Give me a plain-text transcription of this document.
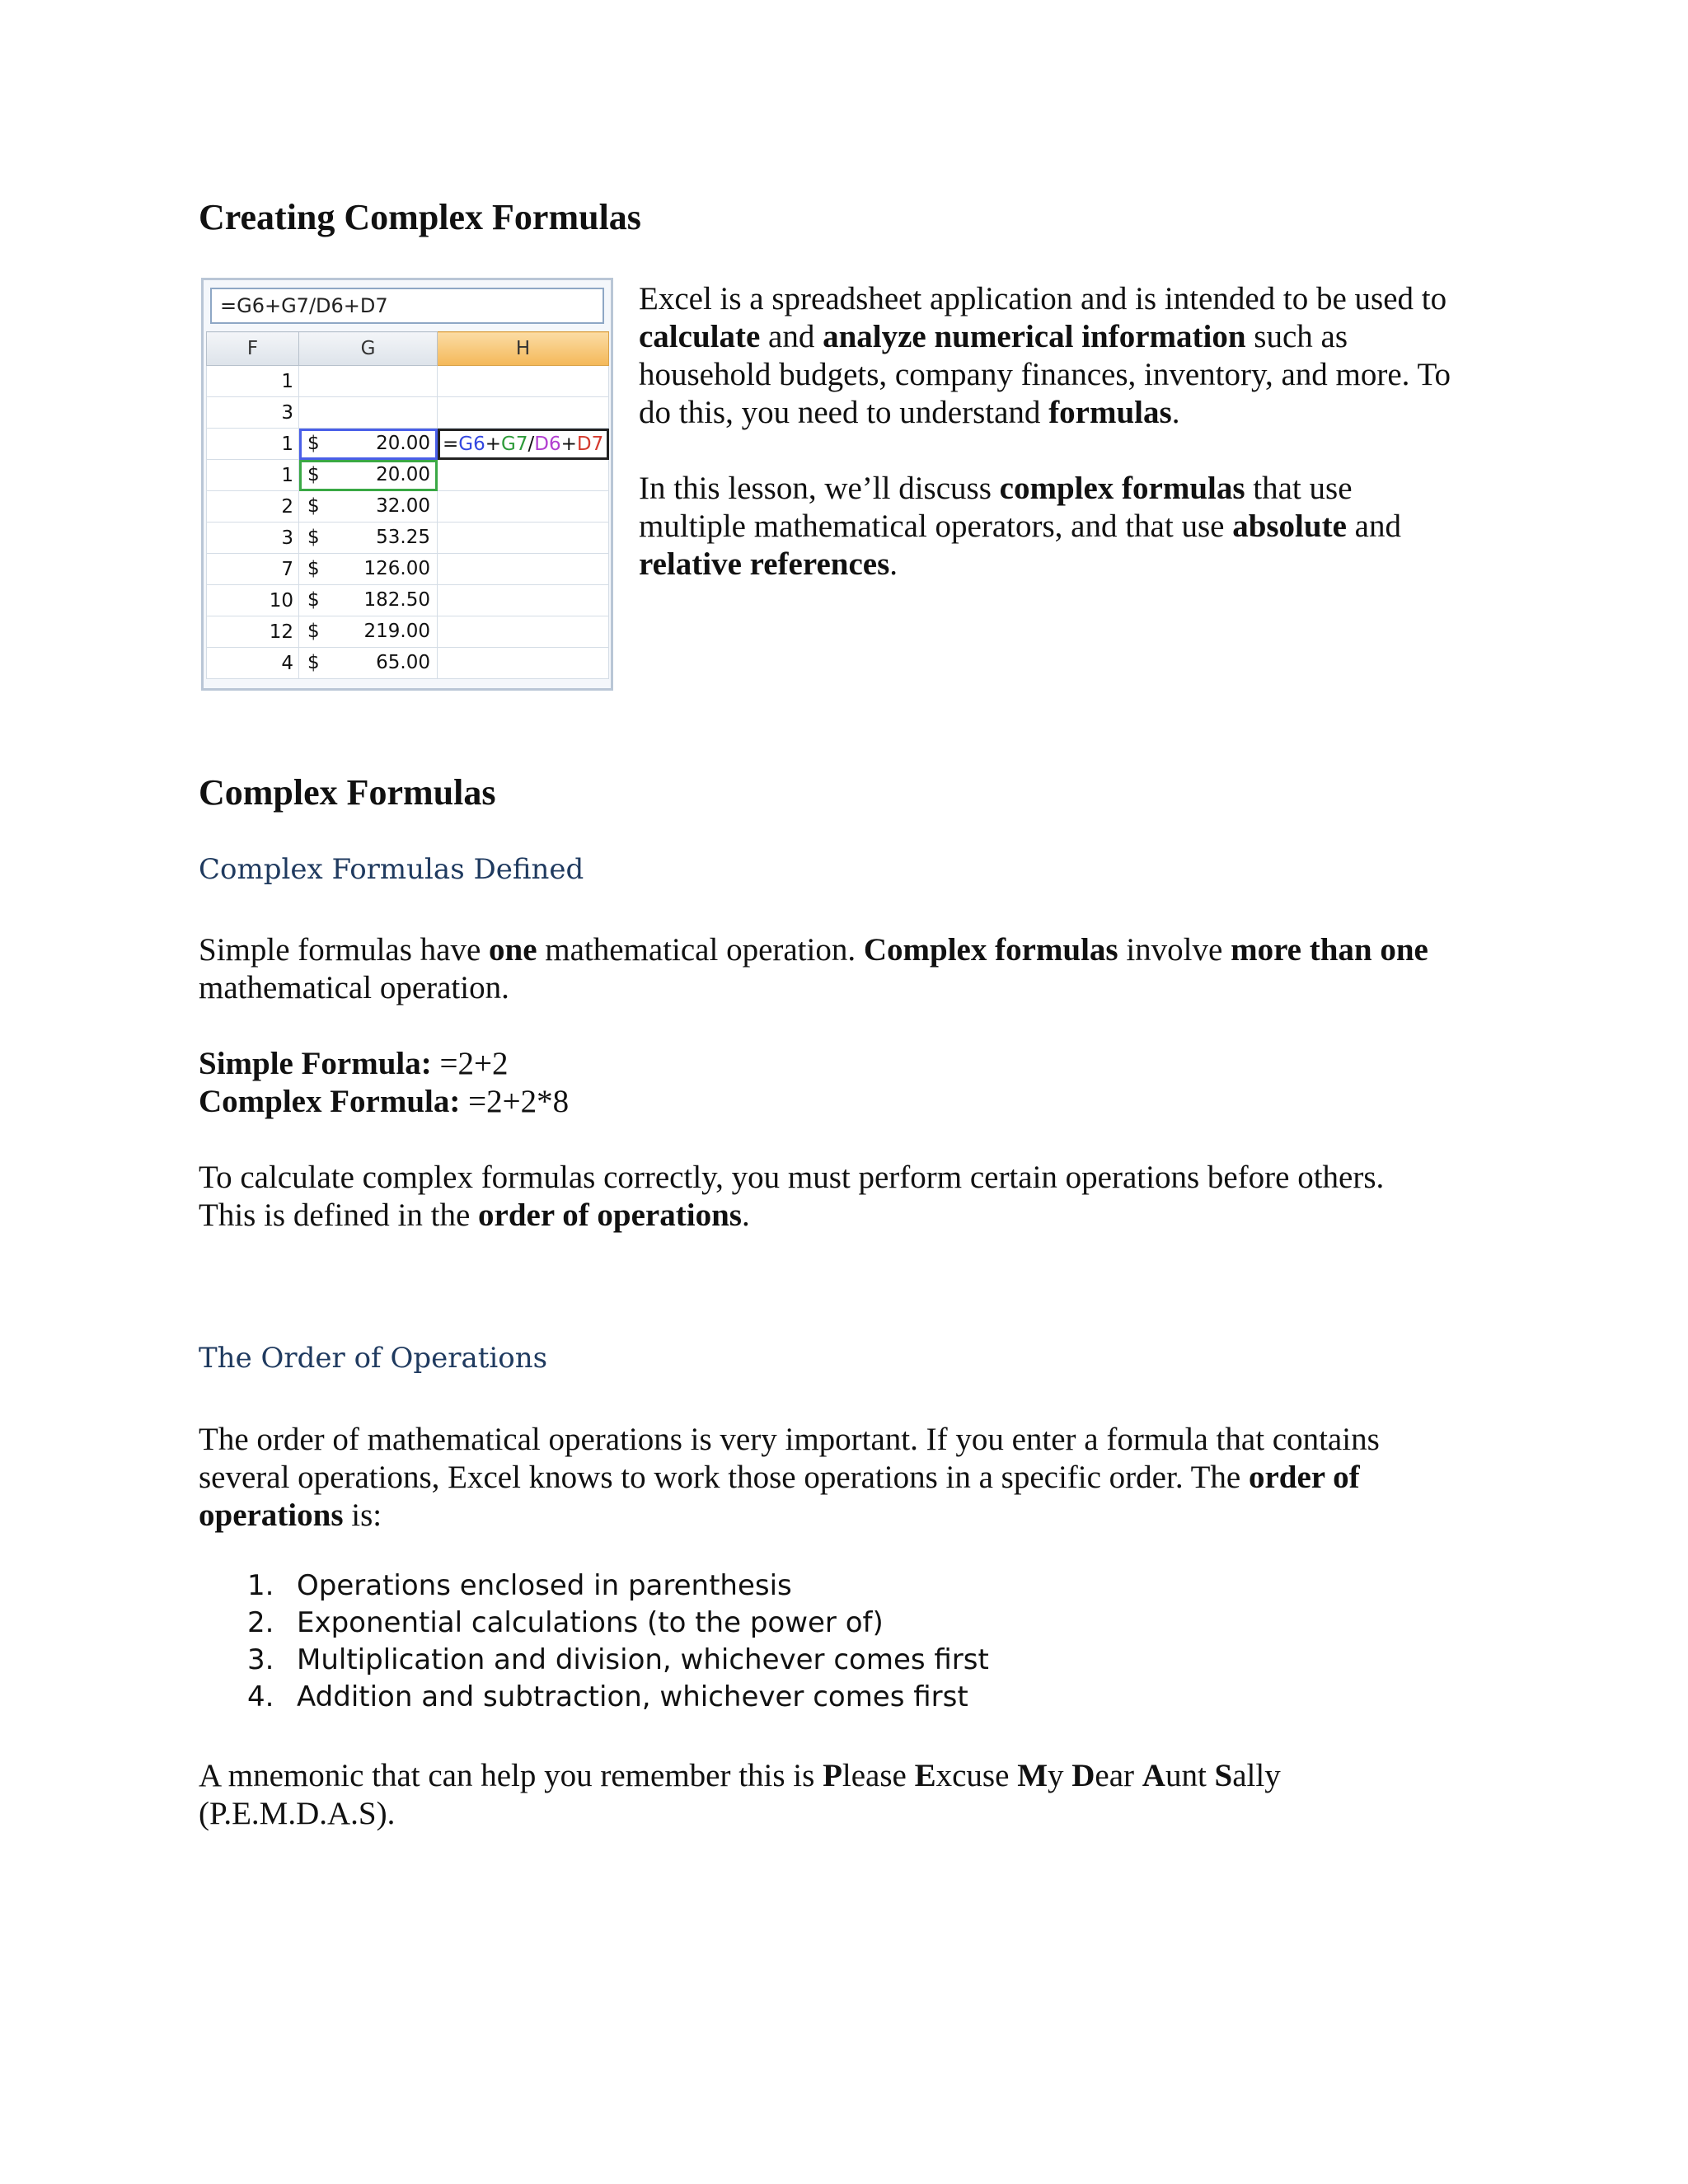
Creating Complex Formulas
=G6+G7/D6+D7
F	G	H
1	

3	

1	$ 20.00	=G6+G7/D6+D7
1	$ 20.00	

2	$ 32.00	

3	$ 53.25	

7	$ 126.00	

10	$ 182.50	

12	$ 219.00	

4	$ 65.00	

Excel is a spreadsheet application and is intended to be used to
calculate and analyze numerical information such as
household budgets, company finances, inventory, and more. To
do this, you need to understand formulas.
In this lesson, we’ll discuss complex formulas that use
multiple mathematical operators, and that use absolute and
relative references.
Complex Formulas
Complex Formulas Defined
Simple formulas have one mathematical operation. Complex formulas involve more than one
mathematical operation.
Simple Formula: =2+2
Complex Formula: =2+2*8
To calculate complex formulas correctly, you must perform certain operations before others.
This is defined in the order of operations.
The Order of Operations
The order of mathematical operations is very important. If you enter a formula that contains
several operations, Excel knows to work those operations in a specific order. The order of
operations is:
1. Operations enclosed in parenthesis
2. Exponential calculations (to the power of)
3. Multiplication and division, whichever comes first
4. Addition and subtraction, whichever comes first
A mnemonic that can help you remember this is Please Excuse My Dear Aunt Sally
(P.E.M.D.A.S).
